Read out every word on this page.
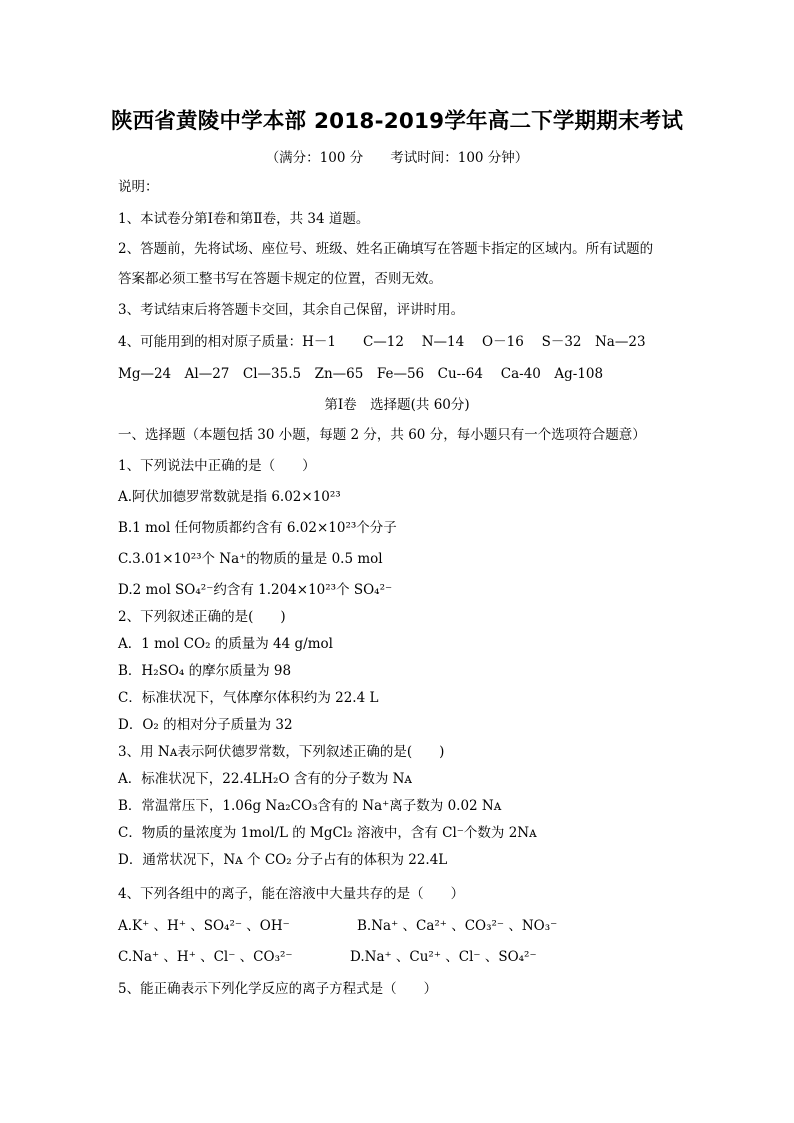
陕西省黄陵中学本部 2018-2019学年高二下学期期末考试
（满分：100 分　　考试时间：100 分钟）
说明：
1、本试卷分第Ⅰ卷和第Ⅱ卷，共 34 道题。
2、答题前，先将试场、座位号、班级、姓名正确填写在答题卡指定的区域内。所有试题的
答案都必须工整书写在答题卡规定的位置，否则无效。
3、考试结束后将答题卡交回，其余自己保留，评讲时用。
4、可能用到的相对原子质量：H－1　　C—12　 N—14　 O－16　 S－32　Na—23
Mg—24　Al—27　Cl—35.5　Zn—65　Fe—56　Cu--64　 Ca-40　Ag-108
第Ⅰ卷　选择题(共 60分)
一、选择题（本题包括 30 小题，每题 2 分，共 60 分，每小题只有一个选项符合题意）
1、下列说法中正确的是（　　）
A.阿伏加德罗常数就是指 6.02×10²³
B.1 mol 任何物质都约含有 6.02×10²³个分子
C.3.01×10²³个 Na⁺的物质的量是 0.5 mol
D.2 mol SO₄²⁻约含有 1.204×10²³个 SO₄²⁻
2、下列叙述正确的是(　　)
A．1 mol CO₂ 的质量为 44 g/mol
B．H₂SO₄ 的摩尔质量为 98
C．标准状况下，气体摩尔体积约为 22.4 L
D．O₂ 的相对分子质量为 32
3、用 Nᴀ表示阿伏德罗常数，下列叙述正确的是(　　)
A．标准状况下，22.4LH₂O 含有的分子数为 Nᴀ
B．常温常压下，1.06g Na₂CO₃含有的 Na⁺离子数为 0.02 Nᴀ
C．物质的量浓度为 1mol/L 的 MgCl₂ 溶液中，含有 Cl⁻个数为 2Nᴀ
D．通常状况下，Nᴀ 个 CO₂ 分子占有的体积为 22.4L
4、下列各组中的离子，能在溶液中大量共存的是（　　）
A.K⁺ 、H⁺ 、SO₄²⁻ 、OH⁻	B.Na⁺ 、Ca²⁺ 、CO₃²⁻ 、NO₃⁻
C.Na⁺ 、H⁺ 、Cl⁻ 、CO₃²⁻	D.Na⁺ 、Cu²⁺ 、Cl⁻ 、SO₄²⁻
5、能正确表示下列化学反应的离子方程式是（　　）
